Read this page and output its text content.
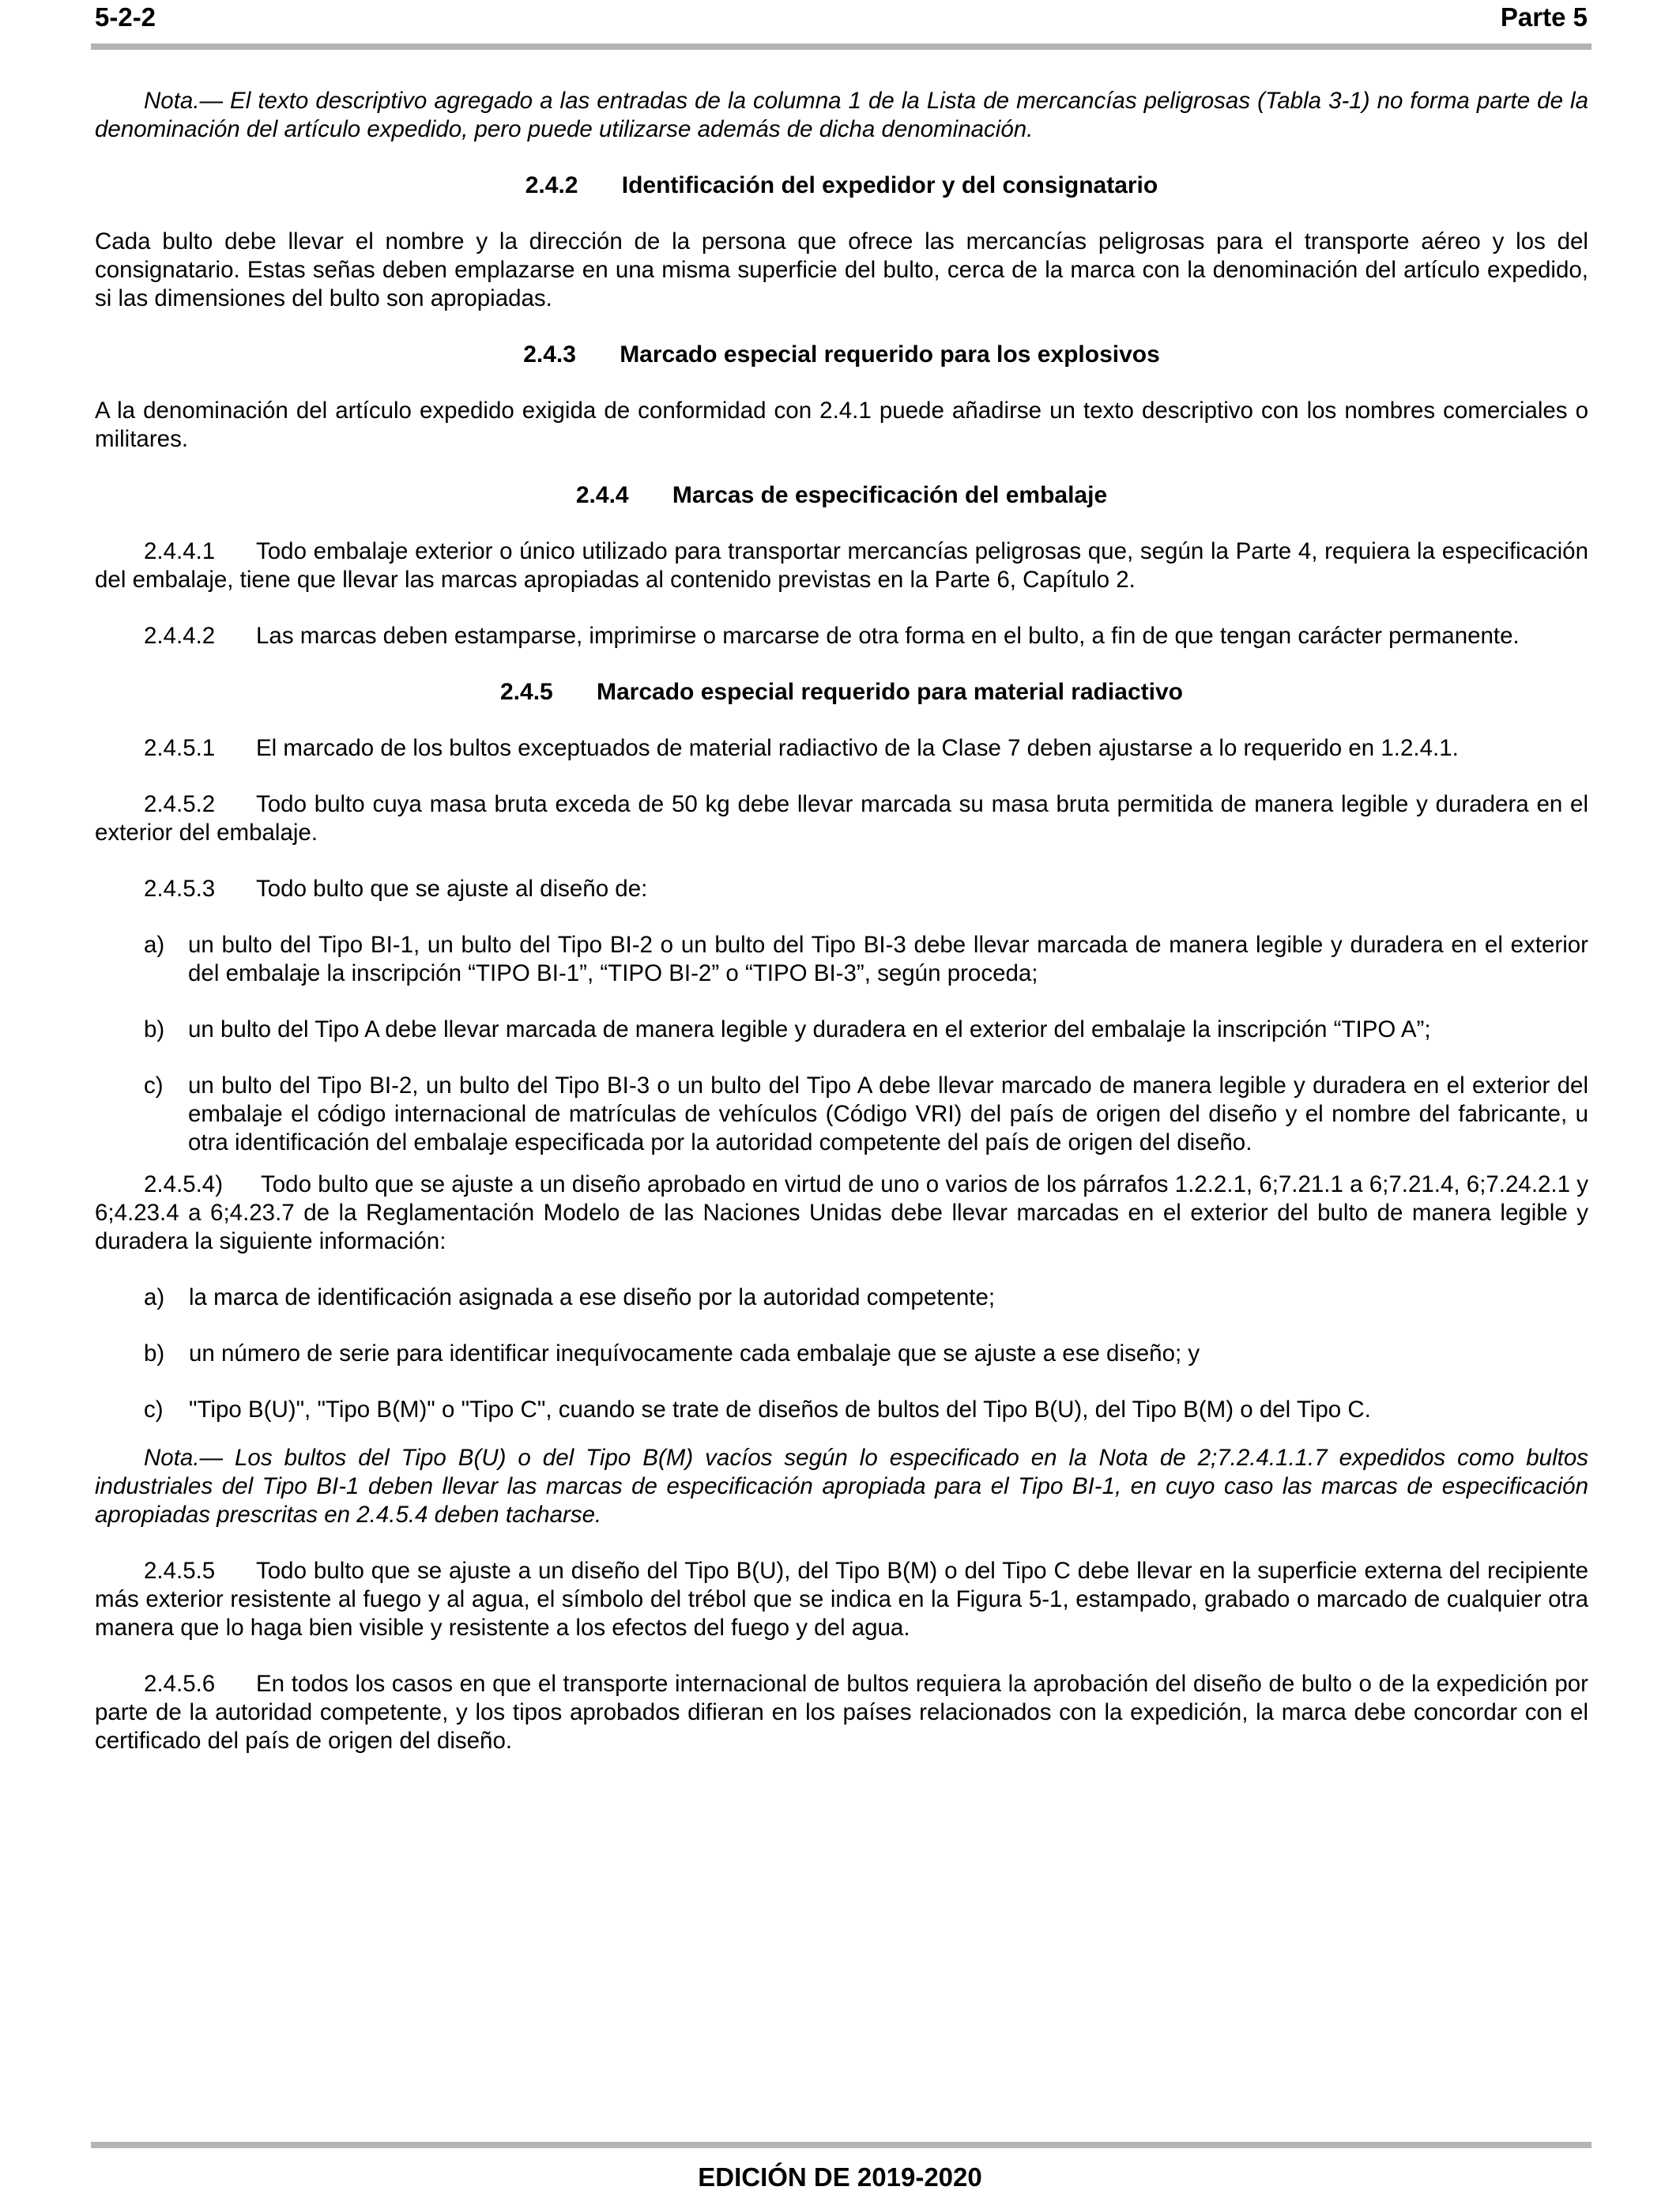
5-2-2	Parte 5

Nota.— El texto descriptivo agregado a las entradas de la columna 1 de la Lista de mercancías peligrosas (Tabla 3-1) no forma parte de la denominación del artículo expedido, pero puede utilizarse además de dicha denominación.

2.4.2 Identificación del expedidor y del consignatario

Cada bulto debe llevar el nombre y la dirección de la persona que ofrece las mercancías peligrosas para el transporte aéreo y los del consignatario. Estas señas deben emplazarse en una misma superficie del bulto, cerca de la marca con la denominación del artículo expedido, si las dimensiones del bulto son apropiadas.

2.4.3 Marcado especial requerido para los explosivos

A la denominación del artículo expedido exigida de conformidad con 2.4.1 puede añadirse un texto descriptivo con los nombres comerciales o militares.

2.4.4 Marcas de especificación del embalaje

2.4.4.1 Todo embalaje exterior o único utilizado para transportar mercancías peligrosas que, según la Parte 4, requiera la especificación del embalaje, tiene que llevar las marcas apropiadas al contenido previstas en la Parte 6, Capítulo 2.

2.4.4.2 Las marcas deben estamparse, imprimirse o marcarse de otra forma en el bulto, a fin de que tengan carácter permanente.

2.4.5 Marcado especial requerido para material radiactivo

2.4.5.1 El marcado de los bultos exceptuados de material radiactivo de la Clase 7 deben ajustarse a lo requerido en 1.2.4.1.

2.4.5.2 Todo bulto cuya masa bruta exceda de 50 kg debe llevar marcada su masa bruta permitida de manera legible y duradera en el exterior del embalaje.

2.4.5.3 Todo bulto que se ajuste al diseño de:

a)	un bulto del Tipo BI-1, un bulto del Tipo BI-2 o un bulto del Tipo BI-3 debe llevar marcada de manera legible y duradera en el exterior del embalaje la inscripción “TIPO BI-1”, “TIPO BI-2” o “TIPO BI-3”, según proceda;
b)	un bulto del Tipo A debe llevar marcada de manera legible y duradera en el exterior del embalaje la inscripción “TIPO A”;
c)	un bulto del Tipo BI-2, un bulto del Tipo BI-3 o un bulto del Tipo A debe llevar marcado de manera legible y duradera en el exterior del embalaje el código internacional de matrículas de vehículos (Código VRI) del país de origen del diseño y el nombre del fabricante, u otra identificación del embalaje especificada por la autoridad competente del país de origen del diseño.

2.4.5.4) Todo bulto que se ajuste a un diseño aprobado en virtud de uno o varios de los párrafos 1.2.2.1, 6;7.21.1 a 6;7.21.4, 6;7.24.2.1 y 6;4.23.4 a 6;4.23.7 de la Reglamentación Modelo de las Naciones Unidas debe llevar marcadas en el exterior del bulto de manera legible y duradera la siguiente información:

a)	la marca de identificación asignada a ese diseño por la autoridad competente;
b)	un número de serie para identificar inequívocamente cada embalaje que se ajuste a ese diseño; y
c)	"Tipo B(U)", "Tipo B(M)" o "Tipo C", cuando se trate de diseños de bultos del Tipo B(U), del Tipo B(M) o del Tipo C.

Nota.— Los bultos del Tipo B(U) o del Tipo B(M) vacíos según lo especificado en la Nota de 2;7.2.4.1.1.7 expedidos como bultos industriales del Tipo BI-1 deben llevar las marcas de especificación apropiada para el Tipo BI-1, en cuyo caso las marcas de especificación apropiadas prescritas en 2.4.5.4 deben tacharse.

2.4.5.5 Todo bulto que se ajuste a un diseño del Tipo B(U), del Tipo B(M) o del Tipo C debe llevar en la superficie externa del recipiente más exterior resistente al fuego y al agua, el símbolo del trébol que se indica en la Figura 5-1, estampado, grabado o marcado de cualquier otra manera que lo haga bien visible y resistente a los efectos del fuego y del agua.

2.4.5.6 En todos los casos en que el transporte internacional de bultos requiera la aprobación del diseño de bulto o de la expedición por parte de la autoridad competente, y los tipos aprobados difieran en los países relacionados con la expedición, la marca debe concordar con el certificado del país de origen del diseño.

EDICIÓN DE 2019-2020
